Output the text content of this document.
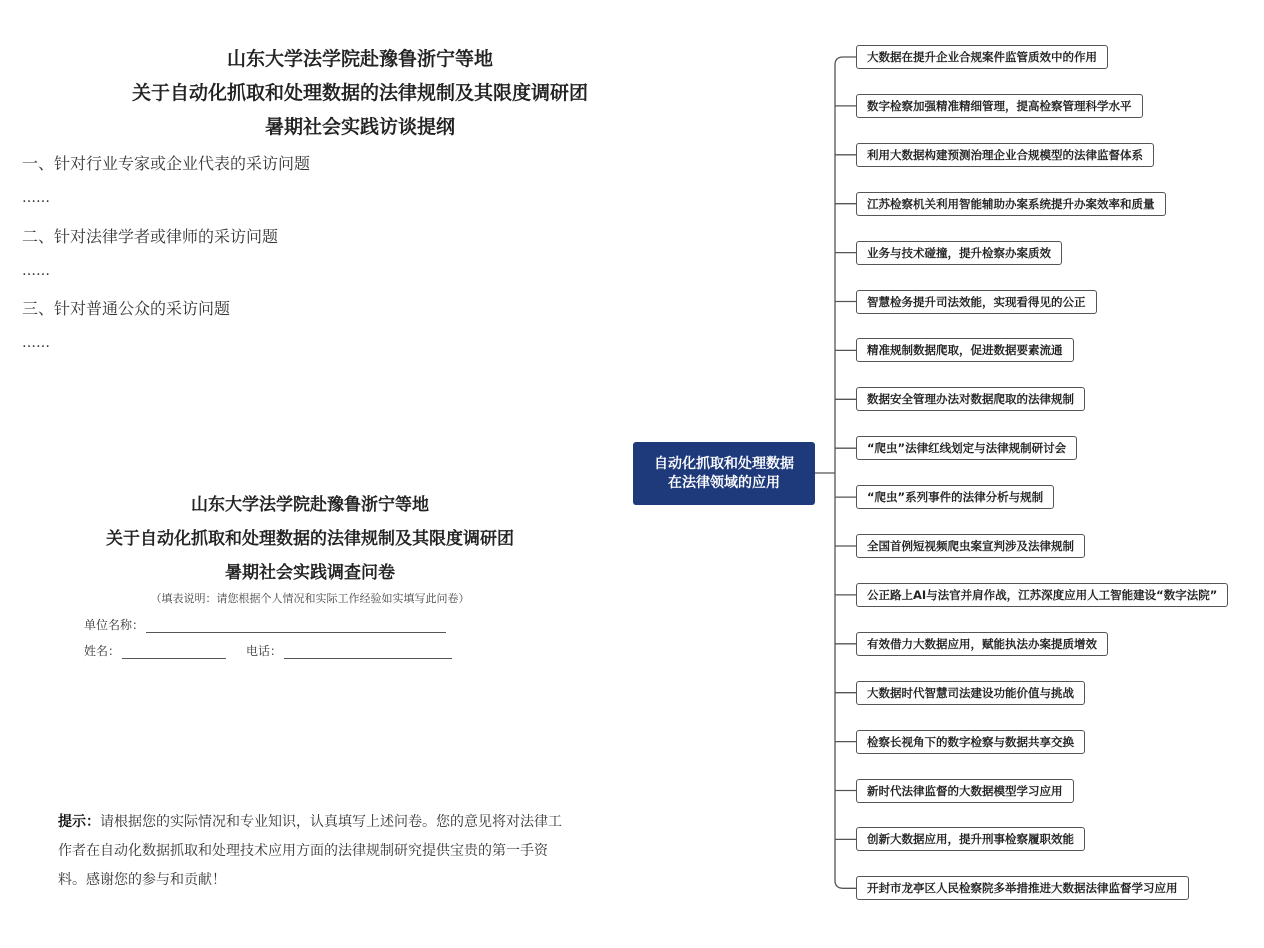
山东大学法学院赴豫鲁浙宁等地
关于自动化抓取和处理数据的法律规制及其限度调研团
暑期社会实践访谈提纲
一、针对行业专家或企业代表的采访问题
……
二、针对法律学者或律师的采访问题
……
三、针对普通公众的采访问题
……
山东大学法学院赴豫鲁浙宁等地
关于自动化抓取和处理数据的法律规制及其限度调研团
暑期社会实践调查问卷
（填表说明：请您根据个人情况和实际工作经验如实填写此问卷）
单位名称：
姓名：	电话：
提示：请根据您的实际情况和专业知识，认真填写上述问卷。您的意见将对法律工作者在自动化数据抓取和处理技术应用方面的法律规制研究提供宝贵的第一手资料。感谢您的参与和贡献！
自动化抓取和处理数据
在法律领域的应用
大数据在提升企业合规案件监管质效中的作用
数字检察加强精准精细管理，提高检察管理科学水平
利用大数据构建预测治理企业合规模型的法律监督体系
江苏检察机关利用智能辅助办案系统提升办案效率和质量
业务与技术碰撞，提升检察办案质效
智慧检务提升司法效能，实现看得见的公正
精准规制数据爬取，促进数据要素流通
数据安全管理办法对数据爬取的法律规制
“爬虫”法律红线划定与法律规制研讨会
“爬虫”系列事件的法律分析与规制
全国首例短视频爬虫案宣判涉及法律规制
公正路上AI与法官并肩作战，江苏深度应用人工智能建设“数字法院”
有效借力大数据应用，赋能执法办案提质增效
大数据时代智慧司法建设功能价值与挑战
检察长视角下的数字检察与数据共享交换
新时代法律监督的大数据模型学习应用
创新大数据应用，提升刑事检察履职效能
开封市龙亭区人民检察院多举措推进大数据法律监督学习应用
